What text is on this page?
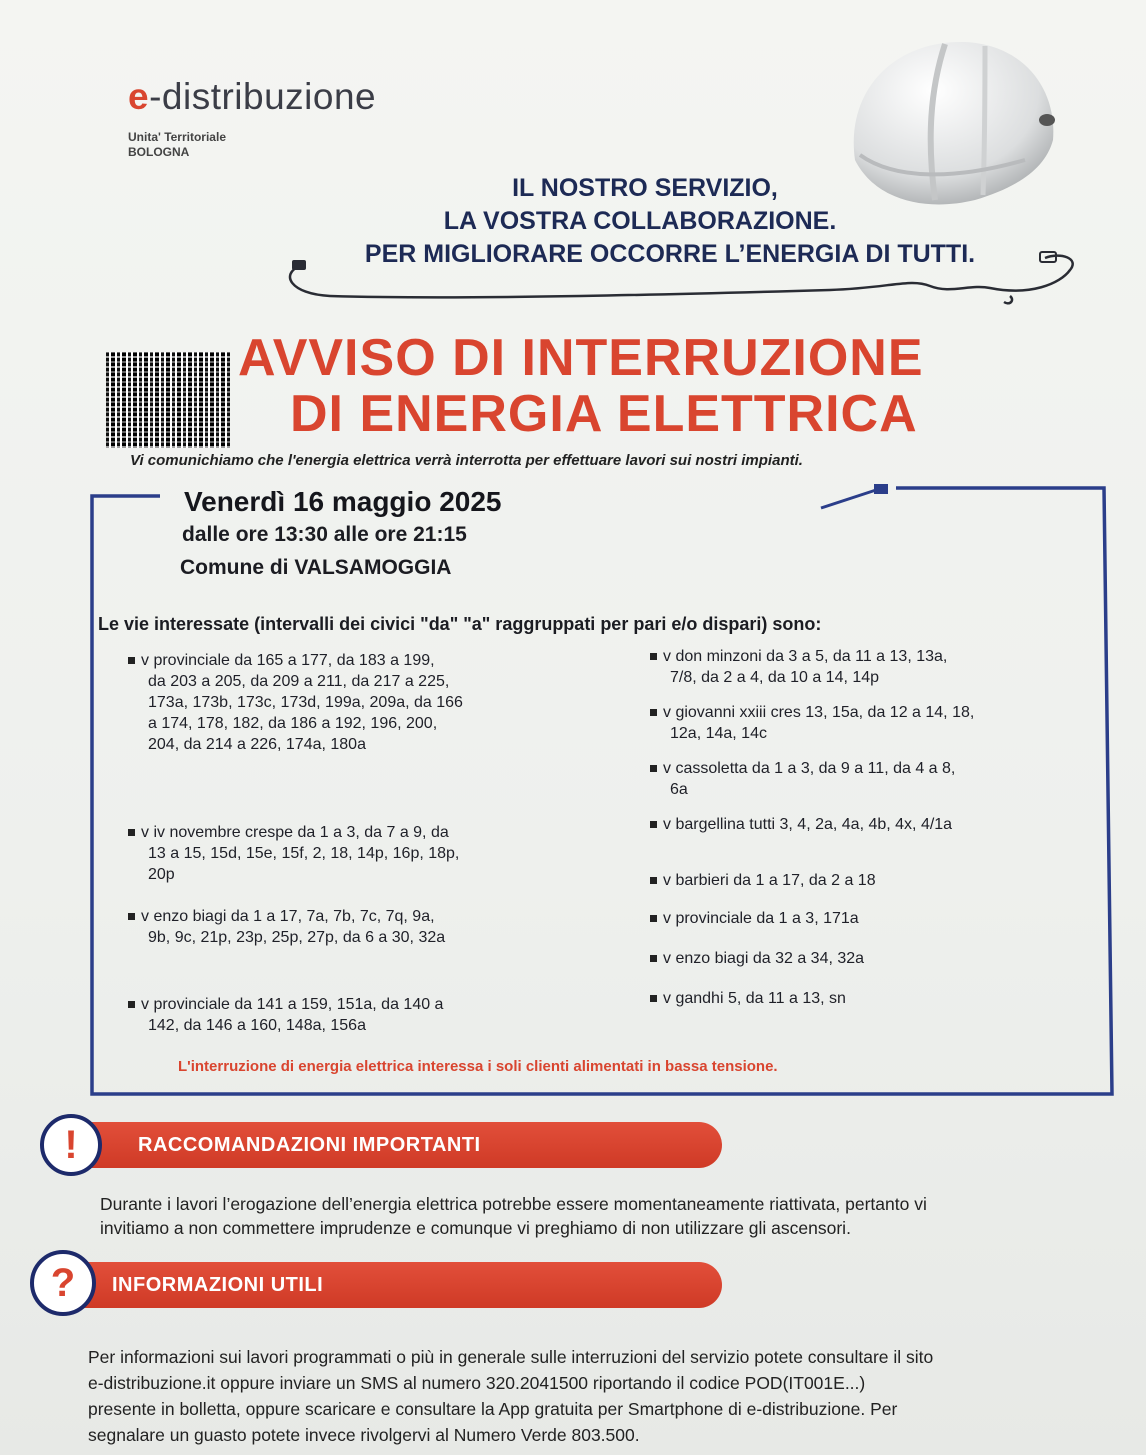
e-distribuzione
Unita' Territoriale
BOLOGNA
IL NOSTRO SERVIZIO,
LA VOSTRA COLLABORAZIONE.
PER MIGLIORARE OCCORRE L’ENERGIA DI TUTTI.
AVVISO DI INTERRUZIONE
DI ENERGIA ELETTRICA
Vi comunichiamo che l'energia elettrica verrà interrotta per effettuare lavori sui nostri impianti.
Venerdì 16 maggio 2025
dalle ore 13:30 alle ore 21:15
Comune di VALSAMOGGIA
Le vie interessate (intervalli dei civici "da" "a" raggruppati per pari e/o dispari) sono:
v provinciale da 165 a 177, da 183 a 199,
da 203 a 205, da 209 a 211, da 217 a 225,
173a, 173b, 173c, 173d, 199a, 209a, da 166
a 174, 178, 182, da 186 a 192, 196, 200,
204, da 214 a 226, 174a, 180a
v iv novembre crespe da 1 a 3, da 7 a 9, da
13 a 15, 15d, 15e, 15f, 2, 18, 14p, 16p, 18p,
20p
v enzo biagi da 1 a 17, 7a, 7b, 7c, 7q, 9a,
9b, 9c, 21p, 23p, 25p, 27p, da 6 a 30, 32a
v provinciale da 141 a 159, 151a, da 140 a
142, da 146 a 160, 148a, 156a
v don minzoni da 3 a 5, da 11 a 13, 13a,
7/8, da 2 a 4, da 10 a 14, 14p
v giovanni xxiii cres 13, 15a, da 12 a 14, 18,
12a, 14a, 14c
v cassoletta da 1 a 3, da 9 a 11, da 4 a 8,
6a
v bargellina tutti 3, 4, 2a, 4a, 4b, 4x, 4/1a
v barbieri da 1 a 17, da 2 a 18
v provinciale da 1 a 3, 171a
v enzo biagi da 32 a 34, 32a
v gandhi 5, da 11 a 13, sn
L'interruzione di energia elettrica interessa i soli clienti alimentati in bassa tensione.
RACCOMANDAZIONI IMPORTANTI
!
Durante i lavori l’erogazione dell’energia elettrica potrebbe essere momentaneamente riattivata, pertanto vi
invitiamo a non commettere imprudenze e comunque vi preghiamo di non utilizzare gli ascensori.
INFORMAZIONI UTILI
?
Per informazioni sui lavori programmati o più in generale sulle interruzioni del servizio potete consultare il sito
e-distribuzione.it oppure inviare un SMS al numero 320.2041500 riportando il codice POD(IT001E...)
presente in bolletta, oppure scaricare e consultare la App gratuita per Smartphone di e-distribuzione. Per
segnalare un guasto potete invece rivolgervi al Numero Verde 803.500.
